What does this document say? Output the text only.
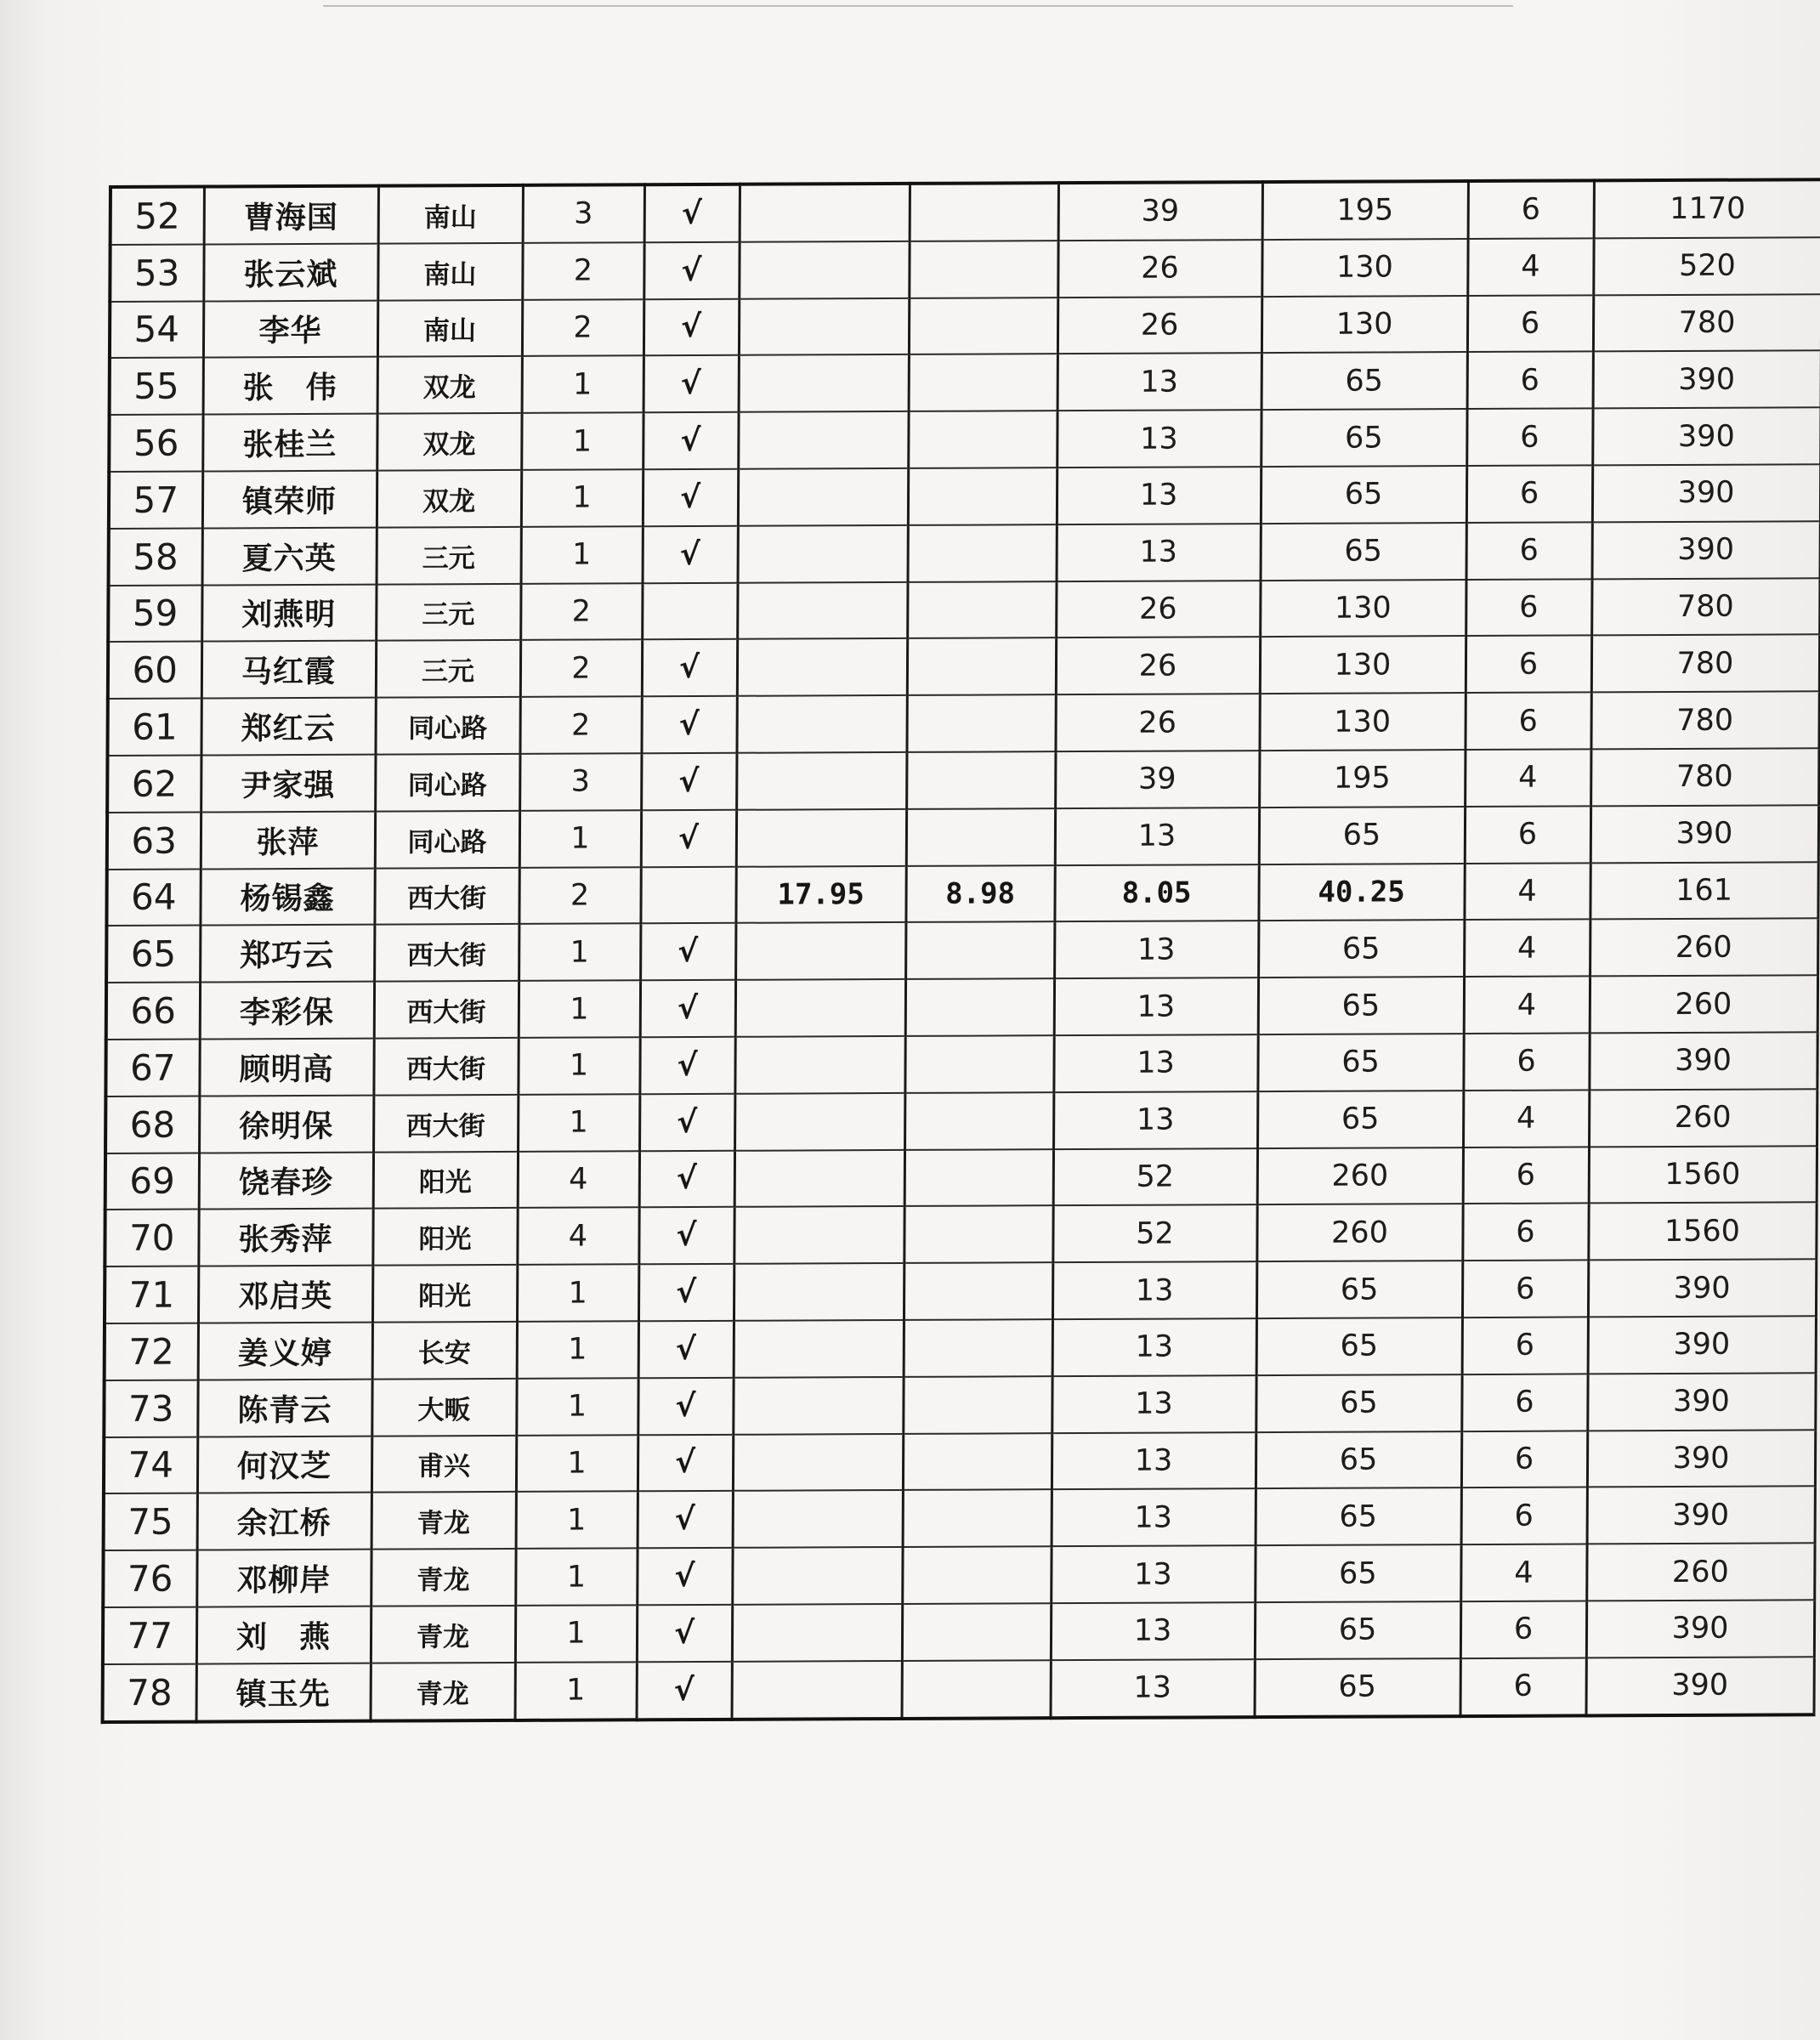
52	曹海国	南山	3	√			39	195	6	1170
53	张云斌	南山	2	√			26	130	4	520
54	李华	南山	2	√			26	130	6	780
55	张　伟	双龙	1	√			13	65	6	390
56	张桂兰	双龙	1	√			13	65	6	390
57	镇荣师	双龙	1	√			13	65	6	390
58	夏六英	三元	1	√			13	65	6	390
59	刘燕明	三元	2				26	130	6	780
60	马红霞	三元	2	√			26	130	6	780
61	郑红云	同心路	2	√			26	130	6	780
62	尹家强	同心路	3	√			39	195	4	780
63	张萍	同心路	1	√			13	65	6	390
64	杨锡鑫	西大街	2		17.95	8.98	8.05	40.25	4	161
65	郑巧云	西大街	1	√			13	65	4	260
66	李彩保	西大街	1	√			13	65	4	260
67	顾明高	西大街	1	√			13	65	6	390
68	徐明保	西大街	1	√			13	65	4	260
69	饶春珍	阳光	4	√			52	260	6	1560
70	张秀萍	阳光	4	√			52	260	6	1560
71	邓启英	阳光	1	√			13	65	6	390
72	姜义婷	长安	1	√			13	65	6	390
73	陈青云	大畈	1	√			13	65	6	390
74	何汉芝	甫兴	1	√			13	65	6	390
75	余江桥	青龙	1	√			13	65	6	390
76	邓柳岸	青龙	1	√			13	65	4	260
77	刘　燕	青龙	1	√			13	65	6	390
78	镇玉先	青龙	1	√			13	65	6	390
